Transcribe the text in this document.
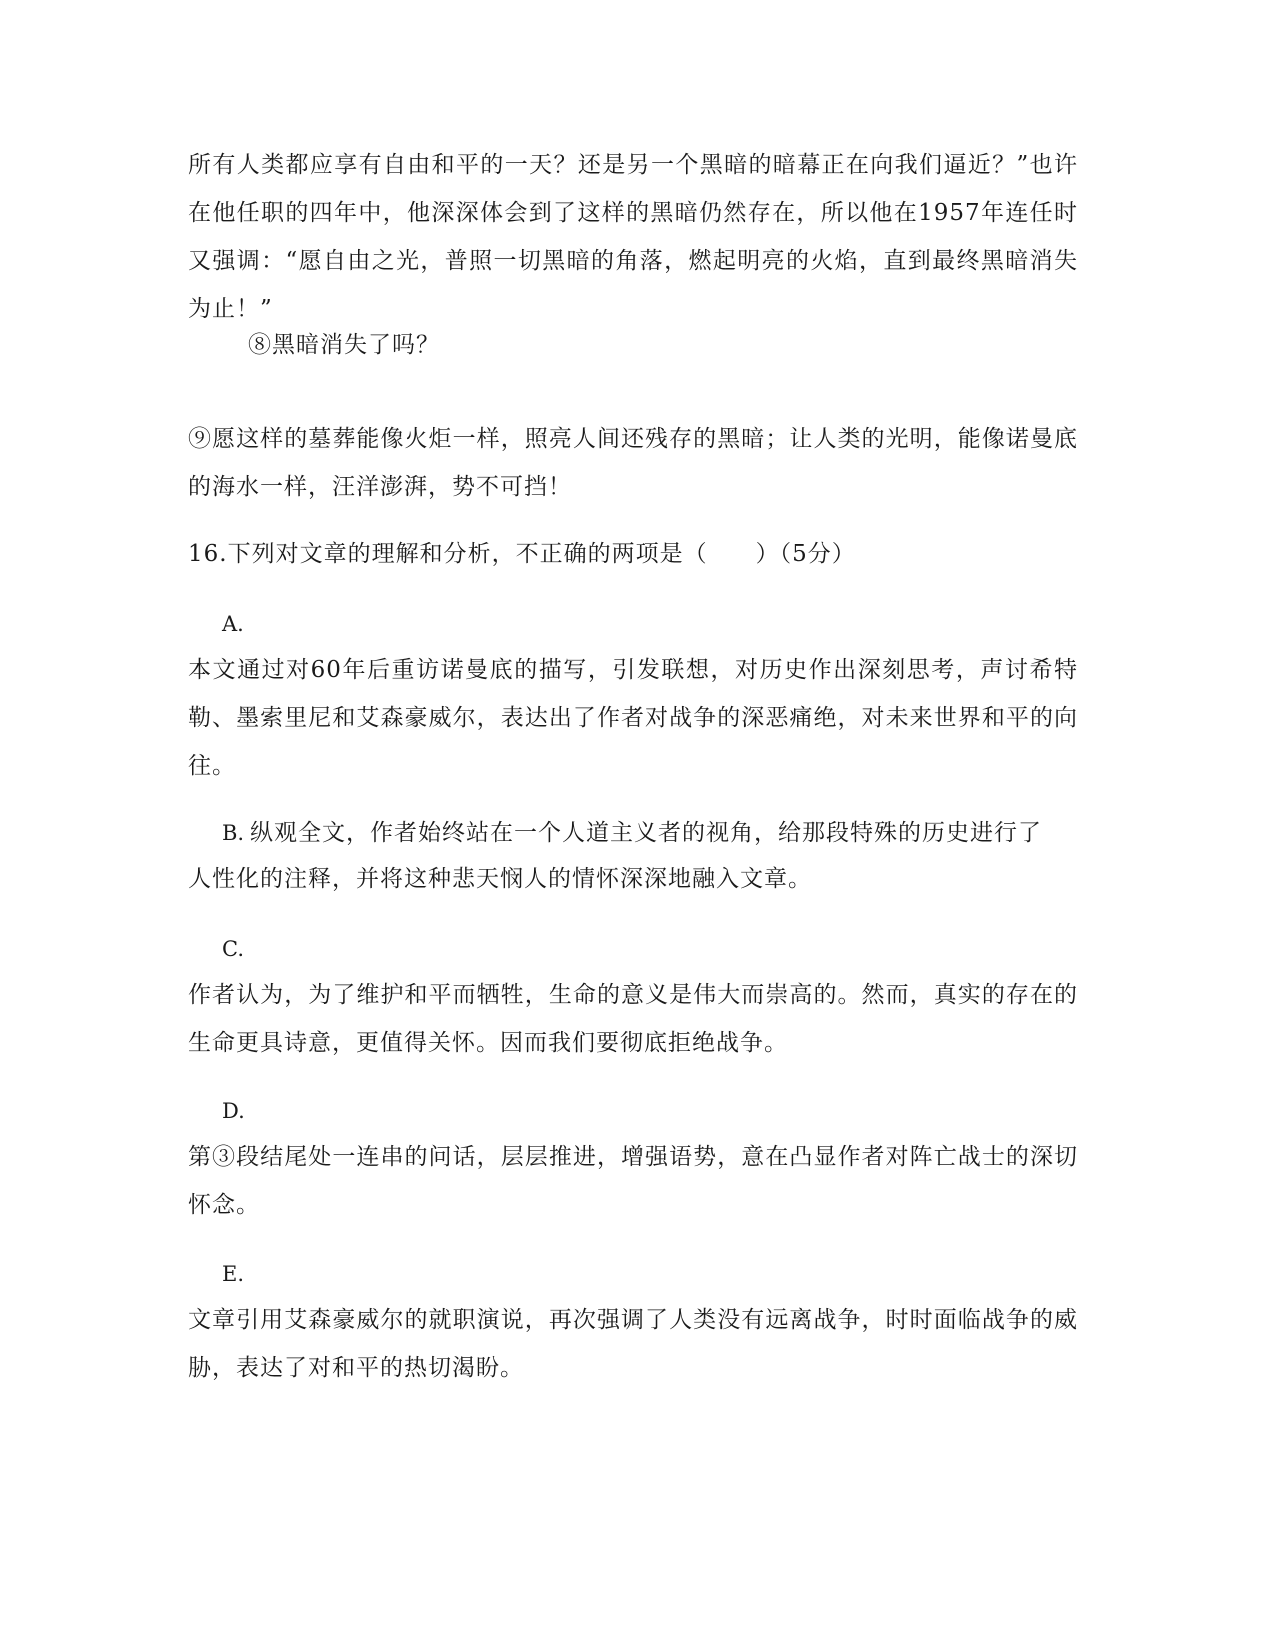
所有人类都应享有自由和平的一天？还是另一个黑暗的暗幕正在向我们逼近？”也许在他任职的四年中，他深深体会到了这样的黑暗仍然存在，所以他在1957年连任时又强调：“愿自由之光，普照一切黑暗的角落，燃起明亮的火焰，直到最终黑暗消失为止！”

⑧黑暗消失了吗？

⑨愿这样的墓葬能像火炬一样，照亮人间还残存的黑暗；让人类的光明，能像诺曼底的海水一样，汪洋澎湃，势不可挡！

16.下列对文章的理解和分析，不正确的两项是（　　）（5分）

A.

本文通过对60年后重访诺曼底的描写，引发联想，对历史作出深刻思考，声讨希特勒、墨索里尼和艾森豪威尔，表达出了作者对战争的深恶痛绝，对未来世界和平的向往。

B. 纵观全文，作者始终站在一个人道主义者的视角，给那段特殊的历史进行了

人性化的注释，并将这种悲天悯人的情怀深深地融入文章。

C.

作者认为，为了维护和平而牺牲，生命的意义是伟大而崇高的。然而，真实的存在的生命更具诗意，更值得关怀。因而我们要彻底拒绝战争。

D.

第③段结尾处一连串的问话，层层推进，增强语势，意在凸显作者对阵亡战士的深切怀念。

E.

文章引用艾森豪威尔的就职演说，再次强调了人类没有远离战争，时时面临战争的威胁，表达了对和平的热切渴盼。
